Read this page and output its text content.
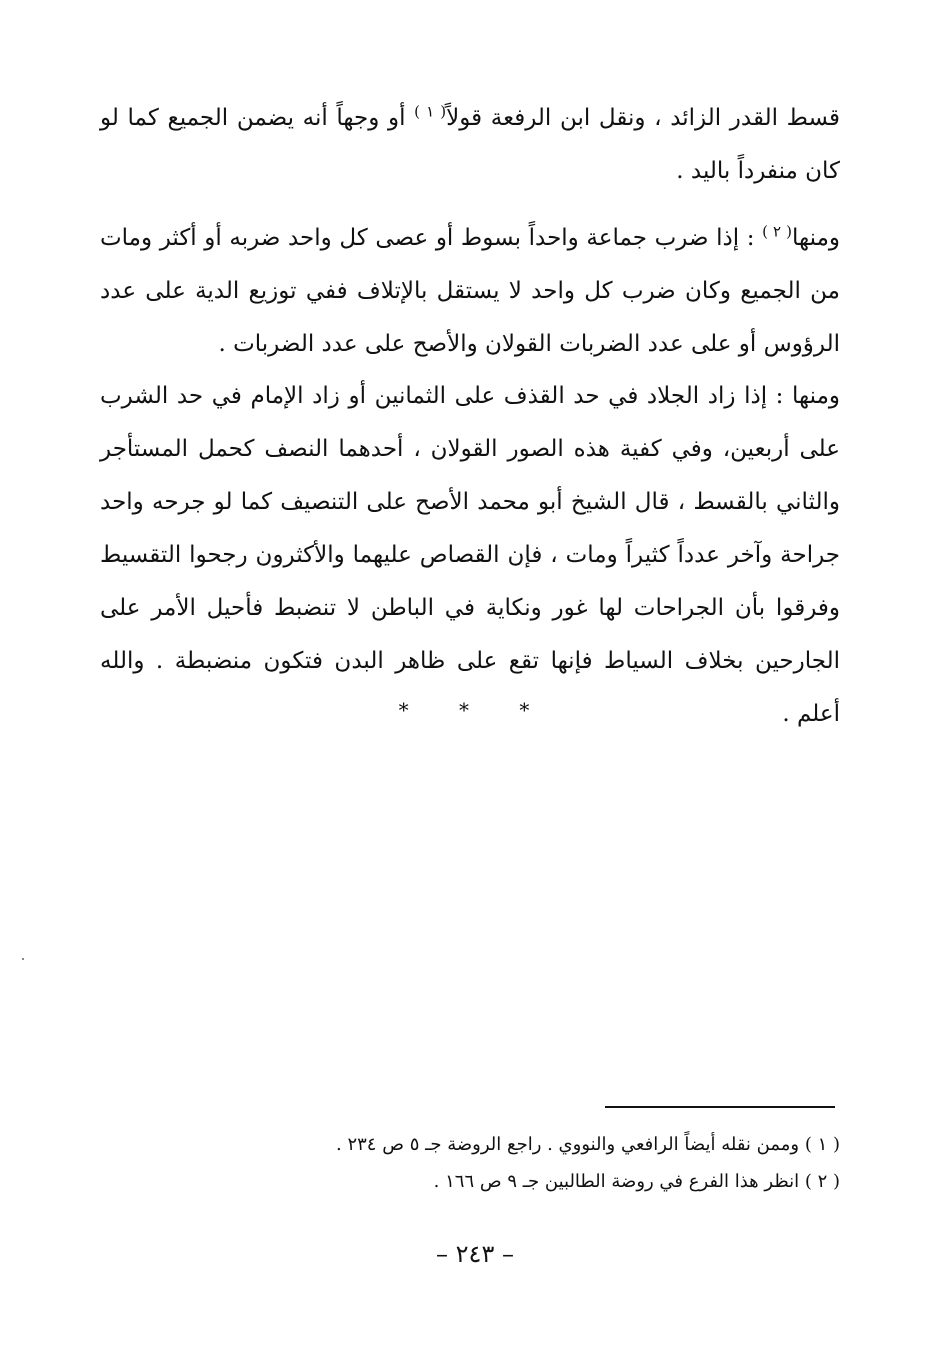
قسط القدر الزائد ، ونقل ابن الرفعة قولاً$^{( ١ )}$ أو وجهاً أنه يضمن الجميع كما لو كان منفرداً باليد .

ومنها$^{( ٢ )}$ : إذا ضرب جماعة واحداً بسوط أو عصى كل واحد ضربه أو أكثر ومات من الجميع وكان ضرب كل واحد لا يستقل بالإتلاف ففي توزيع الدية على عدد الرؤوس أو على عدد الضربات القولان والأصح على عدد الضربات .

ومنها : إذا زاد الجلاد في حد القذف على الثمانين أو زاد الإمام في حد الشرب على أربعين، وفي كفية هذه الصور القولان ، أحدهما النصف كحمل المستأجر والثاني بالقسط ، قال الشيخ أبو محمد الأصح على التنصيف كما لو جرحه واحد جراحة وآخر عدداً كثيراً ومات ، فإن القصاص عليهما والأكثرون رجحوا التقسيط وفرقوا بأن الجراحات لها غور ونكاية في الباطن لا تنضبط فأحيل الأمر على الجارحين بخلاف السياط فإنها تقع على ظاهر البدن فتكون منضبطة . والله أعلم .

* * *
( ١ ) وممن نقله أيضاً الرافعي والنووي . راجع الروضة جـ ٥ ص ٢٣٤ .
( ٢ ) انظر هذا الفرع في روضة الطالبين جـ ٩ ص ١٦٦ .
– ٢٤٣ –
